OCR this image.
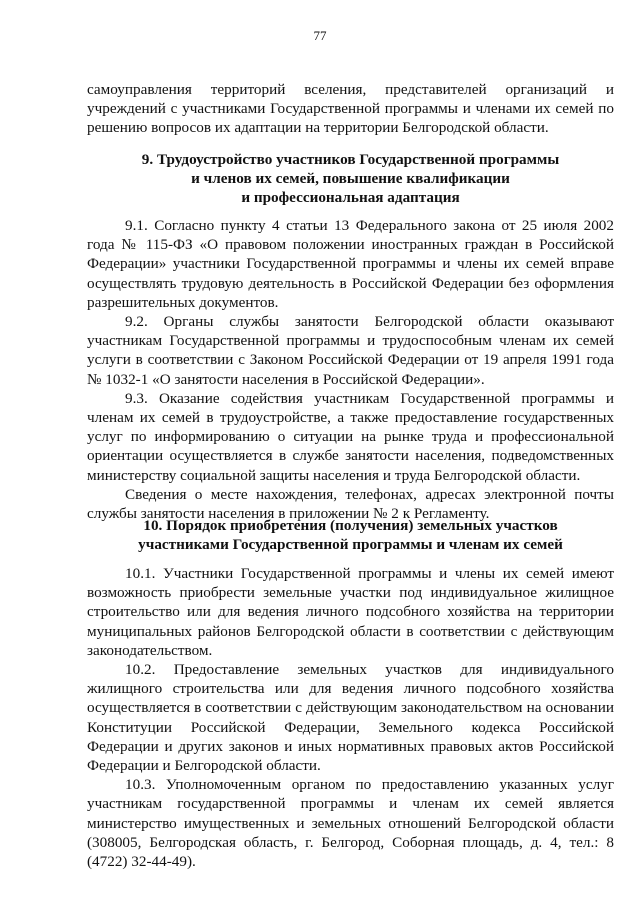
77

самоуправления территорий вселения, представителей организаций и учреждений с участниками Государственной программы и членами их семей по решению вопросов их адаптации на территории Белгородской области.

9. Трудоустройство участников Государственной программы
и членов их семей, повышение квалификации
и профессиональная адаптация

9.1. Согласно пункту 4 статьи 13 Федерального закона от 25 июля 2002 года № 115-ФЗ «О правовом положении иностранных граждан в Российской Федерации» участники Государственной программы и члены их семей вправе осуществлять трудовую деятельность в Российской Федерации без оформления разрешительных документов.

9.2. Органы службы занятости Белгородской области оказывают участникам Государственной программы и трудоспособным членам их семей услуги в соответствии с Законом Российской Федерации от 19 апреля 1991 года № 1032-1 «О занятости населения в Российской Федерации».

9.3. Оказание содействия участникам Государственной программы и членам их семей в трудоустройстве, а также предоставление государственных услуг по информированию о ситуации на рынке труда и профессиональной ориентации осуществляется в службе занятости населения, подведомственных министерству социальной защиты населения и труда Белгородской области.

Сведения о месте нахождения, телефонах, адресах электронной почты службы занятости населения в приложении № 2 к Регламенту.

10. Порядок приобретения (получения) земельных участков
участниками Государственной программы и членам их семей

10.1. Участники Государственной программы и члены их семей имеют возможность приобрести земельные участки под индивидуальное жилищное строительство или для ведения личного подсобного хозяйства на территории муниципальных районов Белгородской области в соответствии с действующим законодательством.

10.2. Предоставление земельных участков для индивидуального жилищного строительства или для ведения личного подсобного хозяйства осуществляется в соответствии с действующим законодательством на основании Конституции Российской Федерации, Земельного кодекса Российской Федерации и других законов и иных нормативных правовых актов Российской Федерации и Белгородской области.

10.3. Уполномоченным органом по предоставлению указанных услуг участникам государственной программы и членам их семей является министерство имущественных и земельных отношений Белгородской области (308005, Белгородская область, г. Белгород, Соборная площадь, д. 4, тел.: 8 (4722) 32-44-49).
